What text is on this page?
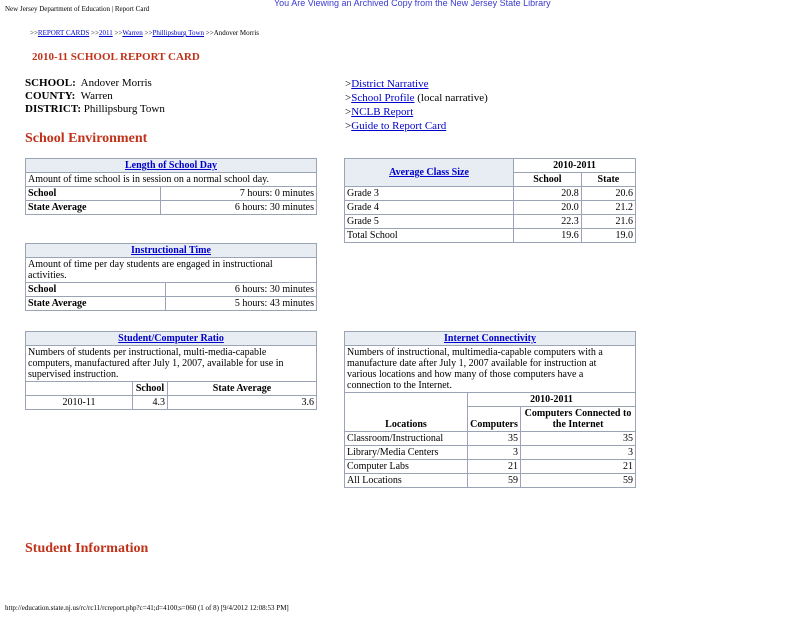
New Jersey Department of Education | Report Card
You Are Viewing an Archived Copy from the New Jersey State Library
>>REPORT CARDS >>2011 >>Warren >>Phillipsburg Town >>Andover Morris
2010-11 SCHOOL REPORT CARD
SCHOOL: Andover Morris
COUNTY: Warren
DISTRICT: Phillipsburg Town
>District Narrative
>School Profile (local narrative)
>NCLB Report
>Guide to Report Card
School Environment
Length of School Day	
Amount of time school is in session on a normal school day.	
School	7 hours: 0 minutes
State Average	6 hours: 30 minutes
Instructional Time	
Amount of time per day students are engaged in instructional activities.	
School	6 hours: 30 minutes
State Average	5 hours: 43 minutes
Student/Computer Ratio		
Numbers of students per instructional, multi-media-capable computers, manufactured after July 1, 2007, available for use in supervised instruction.		
	School	State Average
2010-11	4.3	3.6
Average Class Size	2010-2011	
	School	State
Grade 3	20.8	20.6
Grade 4	20.0	21.2
Grade 5	22.3	21.6
Total School	19.6	19.0
Internet Connectivity		
Numbers of instructional, multimedia-capable computers with a manufacture date after July 1, 2007 available for instruction at various locations and how many of those computers have a connection to the Internet.		
Locations	2010-2011	
	Computers	Computers Connected to the Internet
Classroom/Instructional	35	35
Library/Media Centers	3	3
Computer Labs	21	21
All Locations	59	59
Student Information
http://education.state.nj.us/rc/rc11/rcreport.php?c=41;d=4100;s=060 (1 of 8) [9/4/2012 12:08:53 PM]
